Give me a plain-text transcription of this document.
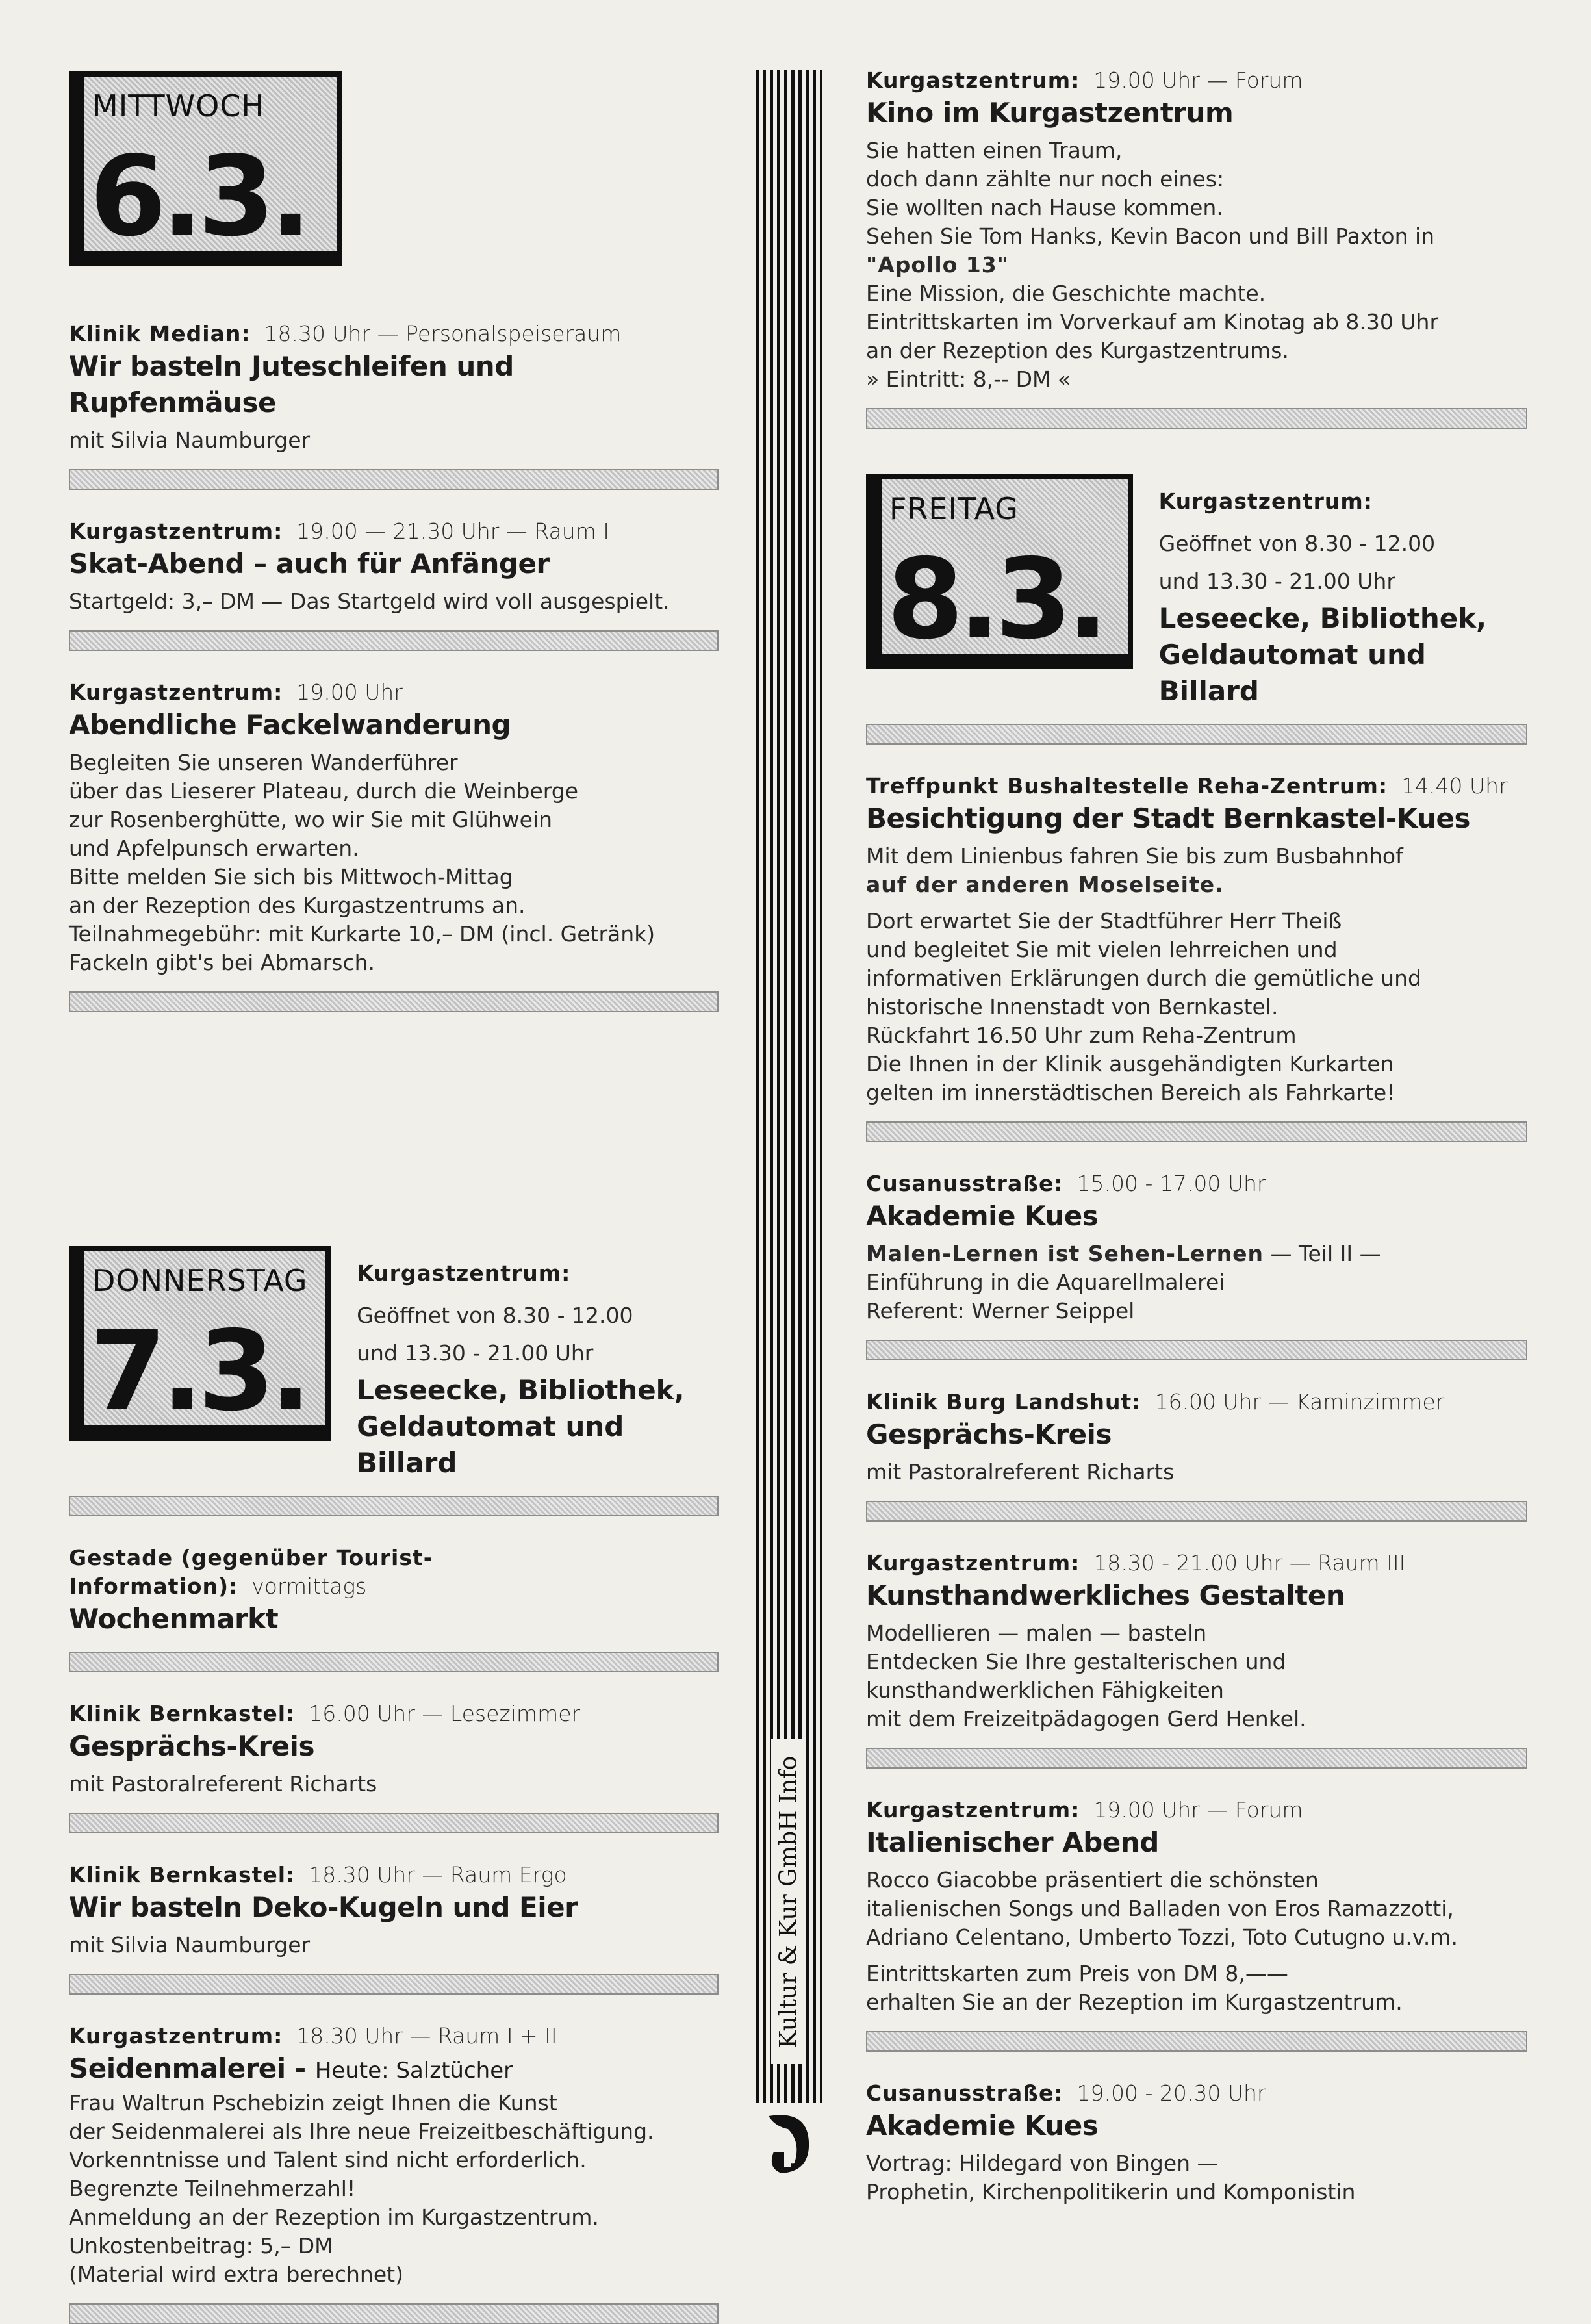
MITTWOCH
6.3.

Klinik Median: 18.30 Uhr — Personalspeiseraum

Wir basteln Juteschleifen und Rupfenmäuse

mit Silvia Naumburger

Kurgastzentrum: 19.00 — 21.30 Uhr — Raum I

Skat-Abend – auch für Anfänger

Startgeld: 3,– DM — Das Startgeld wird voll ausgespielt.

Kurgastzentrum: 19.00 Uhr

Abendliche Fackelwanderung

Begleiten Sie unseren Wanderführer

über das Lieserer Plateau, durch die Weinberge

zur Rosenberghütte, wo wir Sie mit Glühwein

und Apfelpunsch erwarten.

Bitte melden Sie sich bis Mittwoch-Mittag

an der Rezeption des Kurgastzentrums an.

Teilnahmegebühr: mit Kurkarte 10,– DM (incl. Getränk)

Fackeln gibt's bei Abmarsch.

DONNERSTAG
7.3.

Kurgastzentrum:

Geöffnet von 8.30 - 12.00

und 13.30 - 21.00 Uhr

Leseecke, Bibliothek,

Geldautomat und Billard

Gestade (gegenüber Tourist-Information): vormittags

Wochenmarkt

Klinik Bernkastel: 16.00 Uhr — Lesezimmer

Gesprächs-Kreis

mit Pastoralreferent Richarts

Klinik Bernkastel: 18.30 Uhr — Raum Ergo

Wir basteln Deko-Kugeln und Eier

mit Silvia Naumburger

Kurgastzentrum: 18.30 Uhr — Raum I + II

Seidenmalerei - Heute: Salztücher

Frau Waltrun Pschebizin zeigt Ihnen die Kunst

der Seidenmalerei als Ihre neue Freizeitbeschäftigung.

Vorkenntnisse und Talent sind nicht erforderlich.

Begrenzte Teilnehmerzahl!

Anmeldung an der Rezeption im Kurgastzentrum.

Unkostenbeitrag: 5,– DM

(Material wird extra berechnet)

Kultur & Kur GmbH Info

Kurgastzentrum: 19.00 Uhr — Forum

Kino im Kurgastzentrum

Sie hatten einen Traum,

doch dann zählte nur noch eines:

Sie wollten nach Hause kommen.

Sehen Sie Tom Hanks, Kevin Bacon und Bill Paxton in

"Apollo 13"

Eine Mission, die Geschichte machte.

Eintrittskarten im Vorverkauf am Kinotag ab 8.30 Uhr

an der Rezeption des Kurgastzentrums.

» Eintritt: 8,-- DM «

FREITAG
8.3.

Kurgastzentrum:

Geöffnet von 8.30 - 12.00

und 13.30 - 21.00 Uhr

Leseecke, Bibliothek,

Geldautomat und Billard

Treffpunkt Bushaltestelle Reha-Zentrum: 14.40 Uhr

Besichtigung der Stadt Bernkastel-Kues

Mit dem Linienbus fahren Sie bis zum Busbahnhof

auf der anderen Moselseite.

Dort erwartet Sie der Stadtführer Herr Theiß

und begleitet Sie mit vielen lehrreichen und

informativen Erklärungen durch die gemütliche und

historische Innenstadt von Bernkastel.

Rückfahrt 16.50 Uhr zum Reha-Zentrum

Die Ihnen in der Klinik ausgehändigten Kurkarten

gelten im innerstädtischen Bereich als Fahrkarte!

Cusanusstraße: 15.00 - 17.00 Uhr

Akademie Kues

Malen-Lernen ist Sehen-Lernen — Teil II —

Einführung in die Aquarellmalerei

Referent: Werner Seippel

Klinik Burg Landshut: 16.00 Uhr — Kaminzimmer

Gesprächs-Kreis

mit Pastoralreferent Richarts

Kurgastzentrum: 18.30 - 21.00 Uhr — Raum III

Kunsthandwerkliches Gestalten

Modellieren — malen — basteln

Entdecken Sie Ihre gestalterischen und

kunsthandwerklichen Fähigkeiten

mit dem Freizeitpädagogen Gerd Henkel.

Kurgastzentrum: 19.00 Uhr — Forum

Italienischer Abend

Rocco Giacobbe präsentiert die schönsten

italienischen Songs und Balladen von Eros Ramazzotti,

Adriano Celentano, Umberto Tozzi, Toto Cutugno u.v.m.

Eintrittskarten zum Preis von DM 8,——

erhalten Sie an der Rezeption im Kurgastzentrum.

Cusanusstraße: 19.00 - 20.30 Uhr

Akademie Kues

Vortrag: Hildegard von Bingen —

Prophetin, Kirchenpolitikerin und Komponistin
